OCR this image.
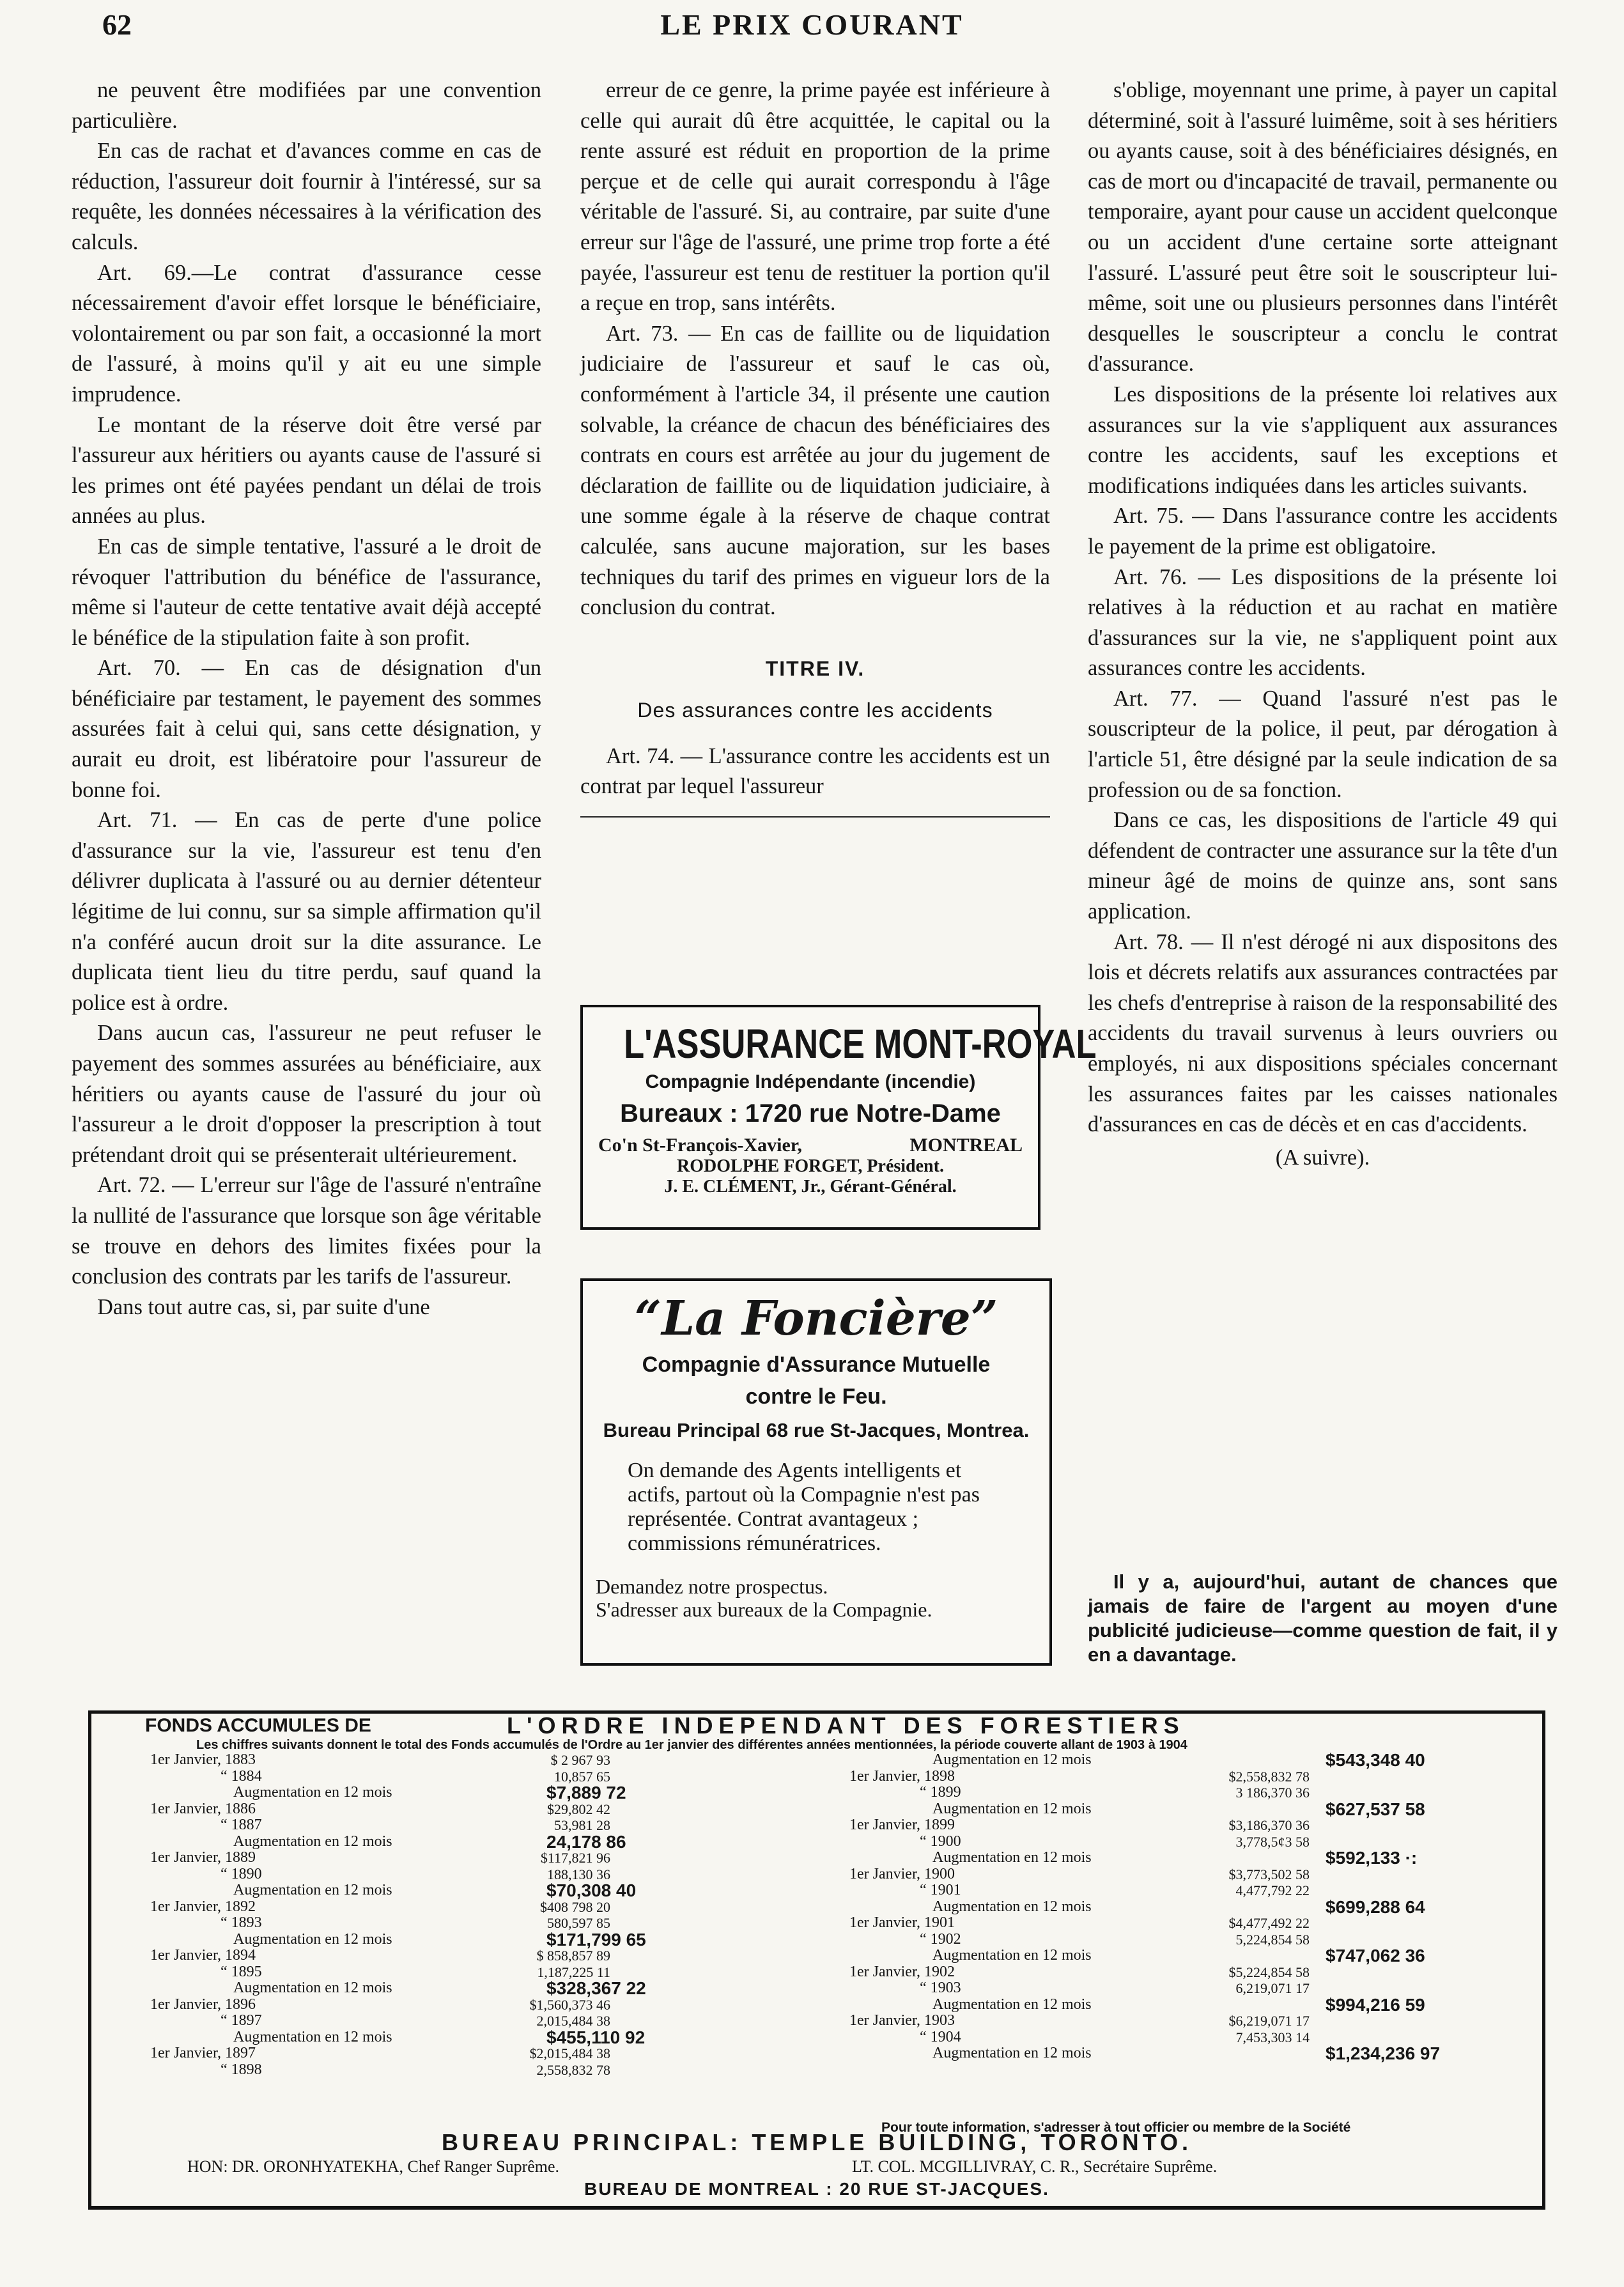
62	LE PRIX COURANT

ne peuvent être modifiées par une convention particulière.

En cas de rachat et d'avances comme en cas de réduction, l'assureur doit fournir à l'intéressé, sur sa requête, les données nécessaires à la vérification des calculs.

Art. 69.—Le contrat d'assurance cesse nécessairement d'avoir effet lorsque le bénéficiaire, volontairement ou par son fait, a occasionné la mort de l'assuré, à moins qu'il y ait eu une simple imprudence.

Le montant de la réserve doit être versé par l'assureur aux héritiers ou ayants cause de l'assuré si les primes ont été payées pendant un délai de trois années au plus.

En cas de simple tentative, l'assuré a le droit de révoquer l'attribution du bénéfice de l'assurance, même si l'auteur de cette tentative avait déjà accepté le bénéfice de la stipulation faite à son profit.

Art. 70. — En cas de désignation d'un bénéficiaire par testament, le payement des sommes assurées fait à celui qui, sans cette désignation, y aurait eu droit, est libératoire pour l'assureur de bonne foi.

Art. 71. — En cas de perte d'une police d'assurance sur la vie, l'assureur est tenu d'en délivrer duplicata à l'assuré ou au dernier détenteur légitime de lui connu, sur sa simple affirmation qu'il n'a conféré aucun droit sur la dite assurance. Le duplicata tient lieu du titre perdu, sauf quand la police est à ordre.

Dans aucun cas, l'assureur ne peut refuser le payement des sommes assurées au bénéficiaire, aux héritiers ou ayants cause de l'assuré du jour où l'assureur a le droit d'opposer la prescription à tout prétendant droit qui se présenterait ultérieurement.

Art. 72. — L'erreur sur l'âge de l'assuré n'entraîne la nullité de l'assurance que lorsque son âge véritable se trouve en dehors des limites fixées pour la conclusion des contrats par les tarifs de l'assureur.

Dans tout autre cas, si, par suite d'une

erreur de ce genre, la prime payée est inférieure à celle qui aurait dû être acquittée, le capital ou la rente assuré est réduit en proportion de la prime perçue et de celle qui aurait correspondu à l'âge véritable de l'assuré. Si, au contraire, par suite d'une erreur sur l'âge de l'assuré, une prime trop forte a été payée, l'assureur est tenu de restituer la portion qu'il a reçue en trop, sans intérêts.

Art. 73. — En cas de faillite ou de liquidation judiciaire de l'assureur et sauf le cas où, conformément à l'article 34, il présente une caution solvable, la créance de chacun des bénéficiaires des contrats en cours est arrêtée au jour du jugement de déclaration de faillite ou de liquidation judiciaire, à une somme égale à la réserve de chaque contrat calculée, sans aucune majoration, sur les bases techniques du tarif des primes en vigueur lors de la conclusion du contrat.

TITRE IV.
Des assurances contre les accidents

Art. 74. — L'assurance contre les accidents est un contrat par lequel l'assureur

s'oblige, moyennant une prime, à payer un capital déterminé, soit à l'assuré luimême, soit à ses héritiers ou ayants cause, soit à des bénéficiaires désignés, en cas de mort ou d'incapacité de travail, permanente ou temporaire, ayant pour cause un accident quelconque ou un accident d'une certaine sorte atteignant l'assuré. L'assuré peut être soit le souscripteur lui-même, soit une ou plusieurs personnes dans l'intérêt desquelles le souscripteur a conclu le contrat d'assurance.

Les dispositions de la présente loi relatives aux assurances sur la vie s'appliquent aux assurances contre les accidents, sauf les exceptions et modifications indiquées dans les articles suivants.

Art. 75. — Dans l'assurance contre les accidents le payement de la prime est obligatoire.

Art. 76. — Les dispositions de la présente loi relatives à la réduction et au rachat en matière d'assurances sur la vie, ne s'appliquent point aux assurances contre les accidents.

Art. 77. — Quand l'assuré n'est pas le souscripteur de la police, il peut, par dérogation à l'article 51, être désigné par la seule indication de sa profession ou de sa fonction.

Dans ce cas, les dispositions de l'article 49 qui défendent de contracter une assurance sur la tête d'un mineur âgé de moins de quinze ans, sont sans application.

Art. 78. — Il n'est dérogé ni aux dispositons des lois et décrets relatifs aux assurances contractées par les chefs d'entreprise à raison de la responsabilité des accidents du travail survenus à leurs ouvriers ou employés, ni aux dispositions spéciales concernant les assurances faites par les caisses nationales d'assurances en cas de décès et en cas d'accidents.

(A suivre).

Il y a, aujourd'hui, autant de chances que jamais de faire de l'argent au moyen d'une publicité judicieuse—comme question de fait, il y en a davantage.
L'ASSURANCE MONT-ROYAL
Compagnie Indépendante (incendie)
Bureaux : 1720 rue Notre-Dame
Co'n St-François-Xavier,	MONTREAL
RODOLPHE FORGET, Président.
J. E. CLÉMENT, Jr., Gérant-Général.
“La Foncière”
Compagnie d'Assurance Mutuelle
contre le Feu.
Bureau Principal 68 rue St-Jacques, Montrea.
On demande des Agents intelligents et actifs, partout où la Compagnie n'est pas représentée. Contrat avantageux ; commissions rémunératrices.
Demandez notre prospectus.
S'adresser aux bureaux de la Compagnie.
FONDS ACCUMULES DE	L'ORDRE INDEPENDANT DES FORESTIERS
Les chiffres suivants donnent le total des Fonds accumulés de l'Ordre au 1er janvier des différentes années mentionnées, la période couverte allant de 1903 à 1904
1er Janvier, 1883	$ 2 967 93
“ 1884	10,857 65
Augmentation en 12 mois	$7,889 72
1er Janvier, 1886	$29,802 42
“ 1887	53,981 28
Augmentation en 12 mois	24,178 86
1er Janvier, 1889	$117,821 96
“ 1890	188,130 36
Augmentation en 12 mois	$70,308 40
1er Janvier, 1892	$408 798 20
“ 1893	580,597 85
Augmentation en 12 mois	$171,799 65
1er Janvier, 1894	$ 858,857 89
“ 1895	1,187,225 11
Augmentation en 12 mois	$328,367 22
1er Janvier, 1896	$1,560,373 46
“ 1897	2,015,484 38
Augmentation en 12 mois	$455,110 92
1er Janvier, 1897	$2,015,484 38
“ 1898	2,558,832 78
Augmentation en 12 mois	$543,348 40
1er Janvier, 1898	$2,558,832 78
“ 1899	3 186,370 36
Augmentation en 12 mois	$627,537 58
1er Janvier, 1899	$3,186,370 36
“ 1900	3,778,5¢3 58
Augmentation en 12 mois	$592,133 ·:
1er Janvier, 1900	$3,773,502 58
“ 1901	4,477,792 22
Augmentation en 12 mois	$699,288 64
1er Janvier, 1901	$4,477,492 22
“ 1902	5,224,854 58
Augmentation en 12 mois	$747,062 36
1er Janvier, 1902	$5,224,854 58
“ 1903	6,219,071 17
Augmentation en 12 mois	$994,216 59
1er Janvier, 1903	$6,219,071 17
“ 1904	7,453,303 14
Augmentation en 12 mois	$1,234,236 97
Pour toute information, s'adresser à tout officier ou membre de la Société
BUREAU PRINCIPAL: TEMPLE BUILDING, TORONTO.
HON: DR. ORONHYATEKHA, Chef Ranger Suprême.	LT. COL. MCGILLIVRAY, C. R., Secrétaire Suprême.
BUREAU DE MONTREAL : 20 RUE ST-JACQUES.
